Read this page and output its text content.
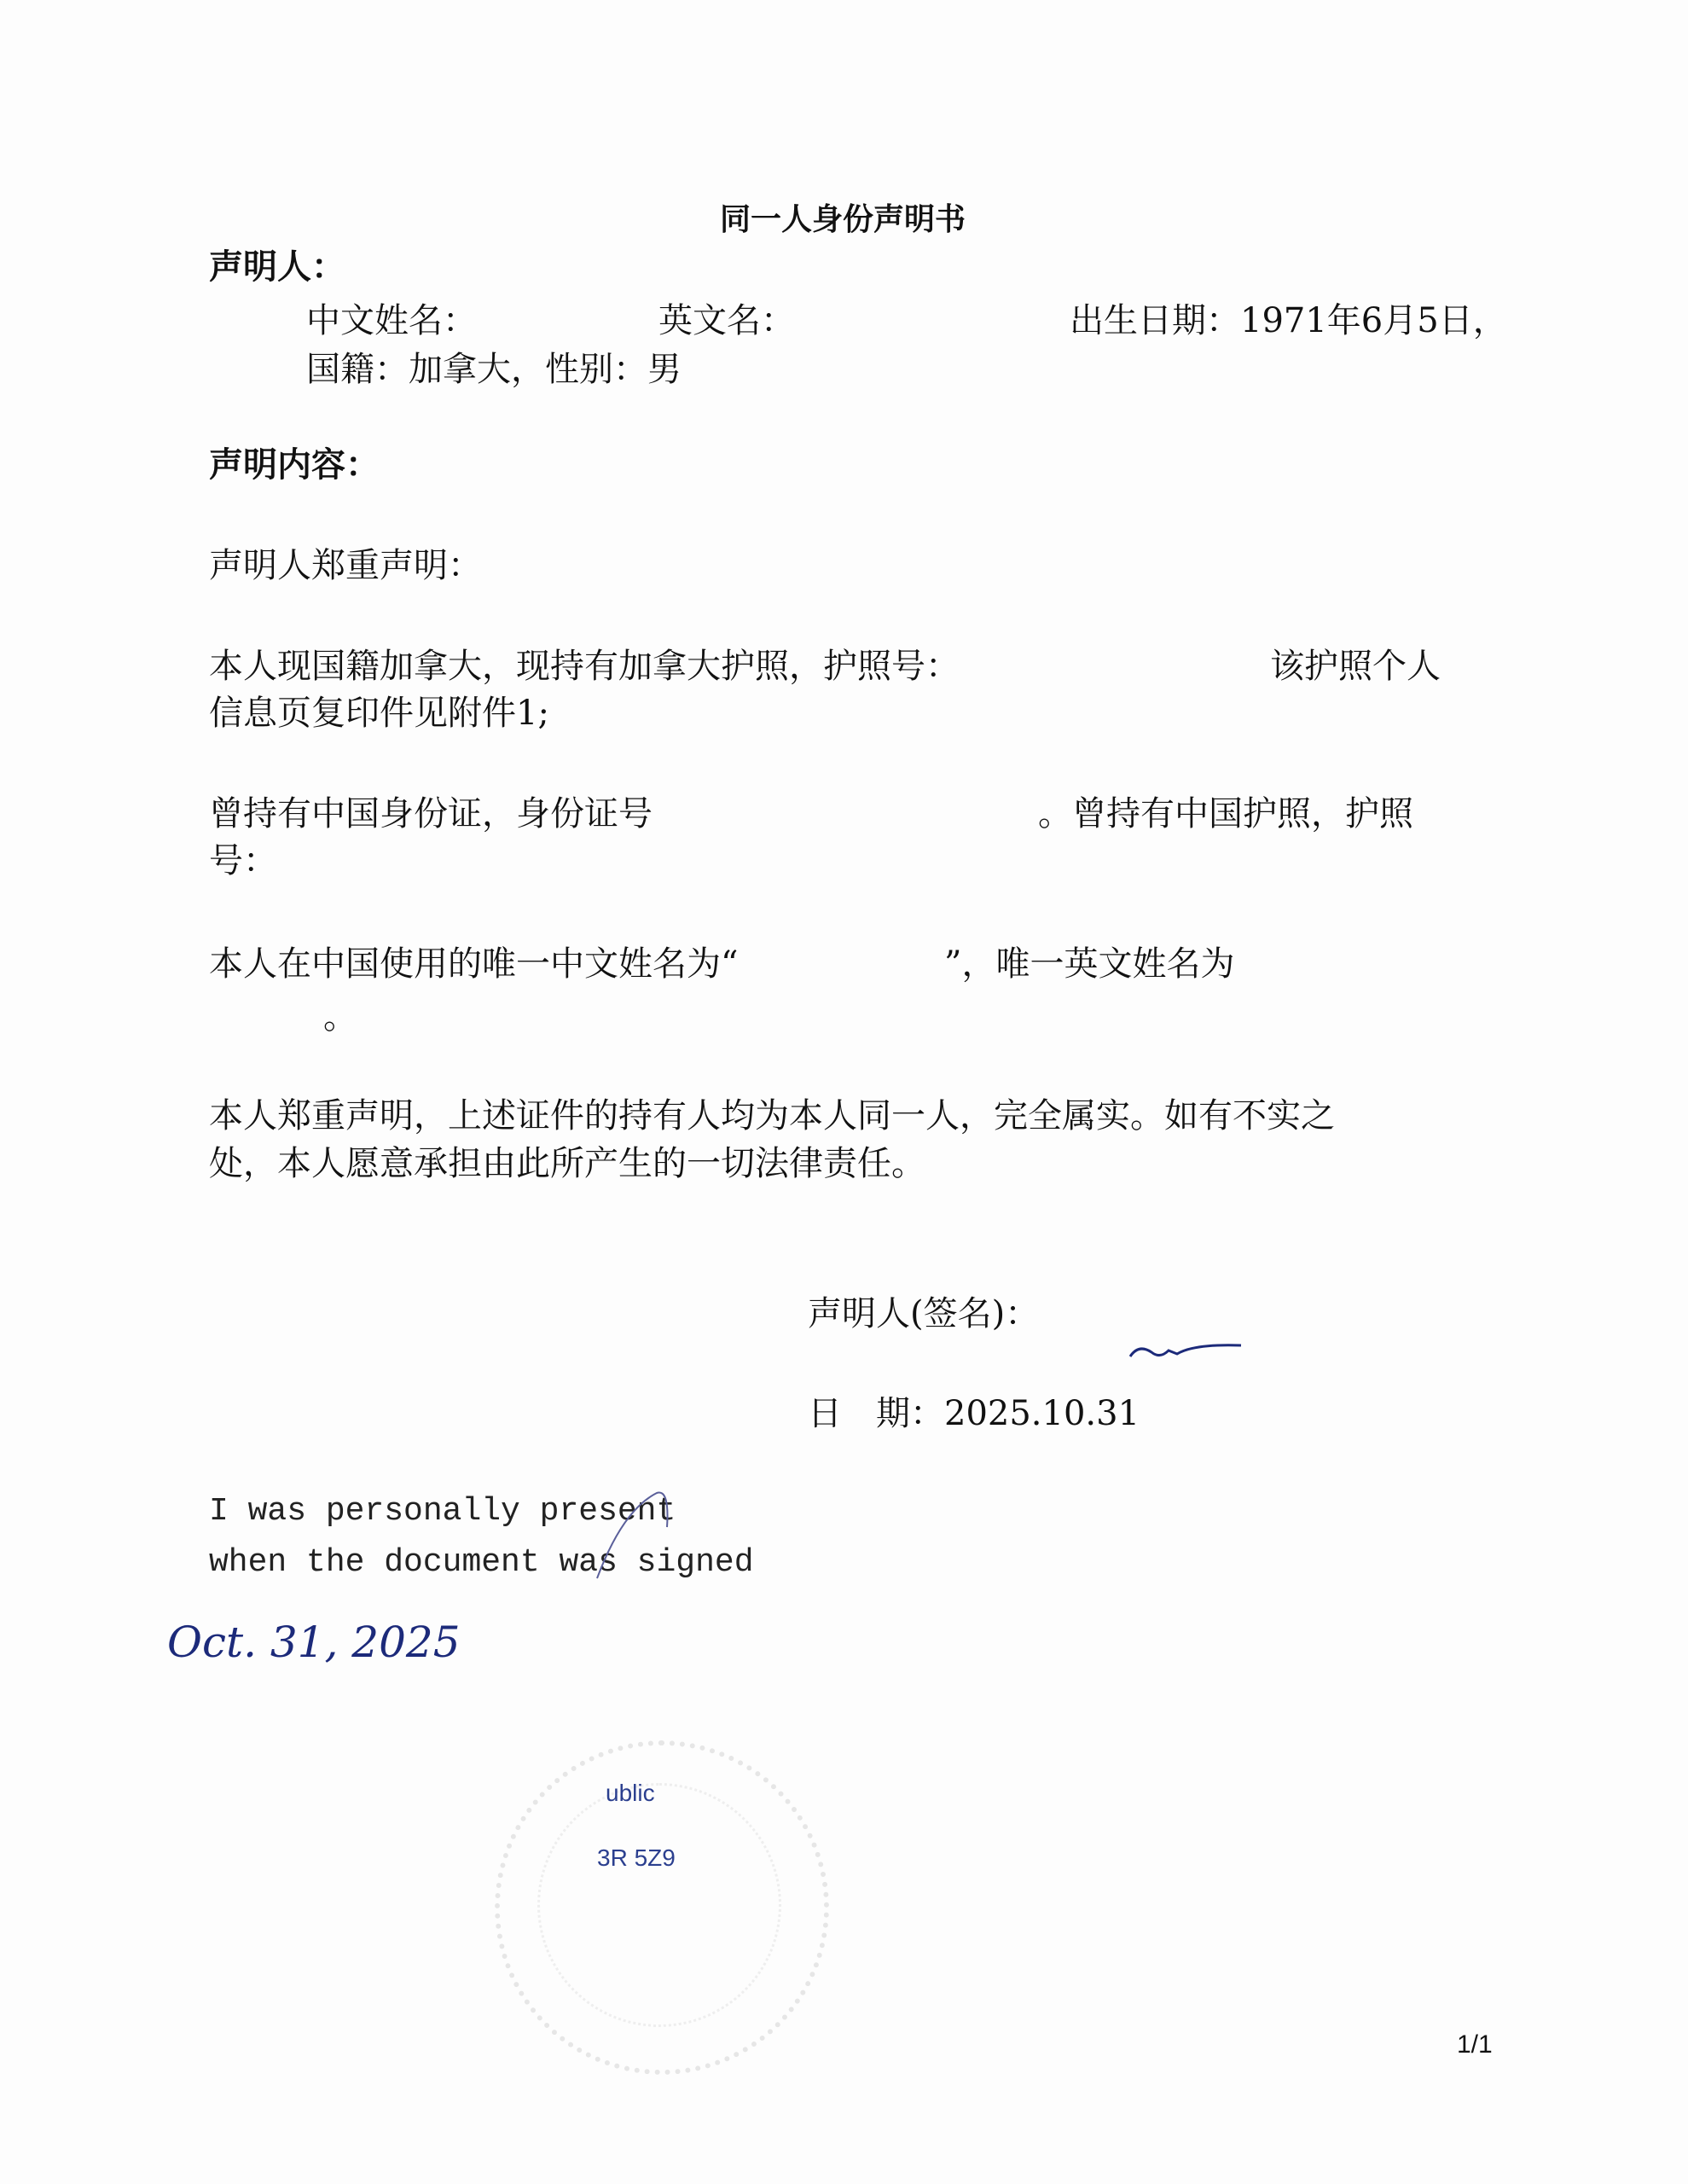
同一人身份声明书
声明人：
中文姓名：	英文名：	出生日期：1971年6月5日，
国籍：加拿大，性别：男
声明内容：
声明人郑重声明：
本人现国籍加拿大，现持有加拿大护照，护照号：	该护照个人
信息页复印件见附件1;
曾持有中国身份证，身份证号	。曾持有中国护照，护照
号：
本人在中国使用的唯一中文姓名为“	”，唯一英文姓名为
。
本人郑重声明，上述证件的持有人均为本人同一人，完全属实。如有不实之
处，本人愿意承担由此所产生的一切法律责任。
声明人(签名)：
日　期：2025.10.31
I was personally present
when the document was signed
Oct. 31, 2025
ublic
3R 5Z9
1/1
